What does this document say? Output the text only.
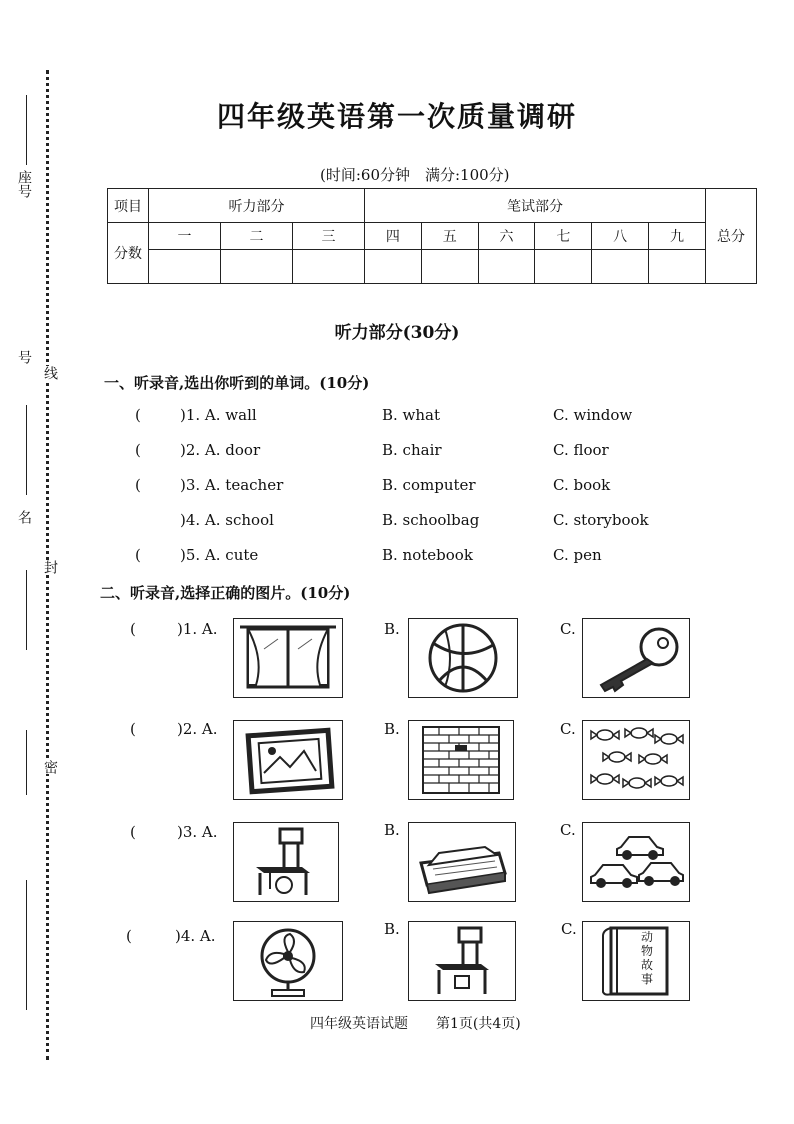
座号
号
线
名
封
密
四年级英语第一次质量调研
(时间:60分钟　满分:100分)
项目	听力部分			笔试部分						总分
分数	一	二	三	四	五	六	七	八	九	

听力部分(30分)
一、听录音,选出你听到的单词。(10分)
(	)1. A. wall	B. what	C. window
(	)2. A. door	B. chair	C. floor
(	)3. A. teacher	B. computer	C. book
)4. A. school	B. schoolbag	C. storybook
(	)5. A. cute	B. notebook	C. pen
二、听录音,选择正确的图片。(10分)
(	)1. A.	B.	C.
(	)2. A.	B.	C.
(	)3. A.	B.	C.
(	)4. A.	B.	C.	动物故事
四年级英语试题　　第1页(共4页)
